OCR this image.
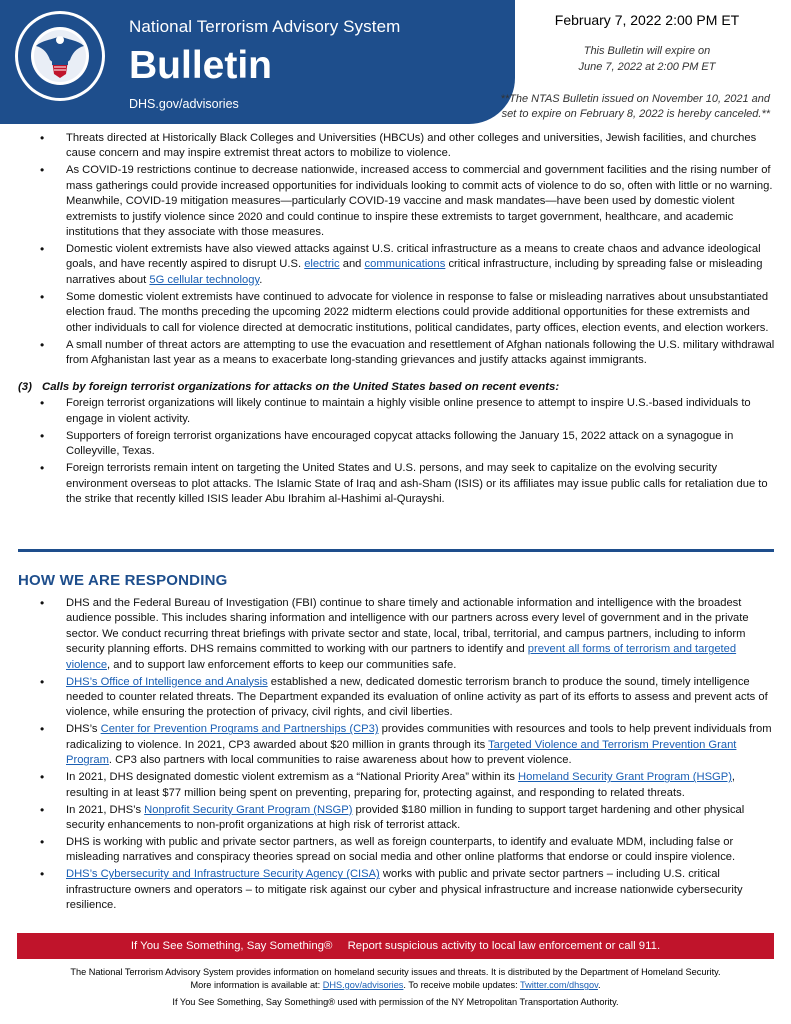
National Terrorism Advisory System
Bulletin
DHS.gov/advisories
February 7, 2022 2:00 PM ET
This Bulletin will expire on
June 7, 2022 at 2:00 PM ET
**The NTAS Bulletin issued on November 10, 2021 and
set to expire on February 8, 2022 is hereby canceled.**
• Threats directed at Historically Black Colleges and Universities (HBCUs) and other colleges and universities, Jewish facilities, and churches cause concern and may inspire extremist threat actors to mobilize to violence.
• As COVID-19 restrictions continue to decrease nationwide, increased access to commercial and government facilities and the rising number of mass gatherings could provide increased opportunities for individuals looking to commit acts of violence to do so, often with little or no warning. Meanwhile, COVID-19 mitigation measures—particularly COVID-19 vaccine and mask mandates—have been used by domestic violent extremists to justify violence since 2020 and could continue to inspire these extremists to target government, healthcare, and academic institutions that they associate with those measures.
• Domestic violent extremists have also viewed attacks against U.S. critical infrastructure as a means to create chaos and advance ideological goals, and have recently aspired to disrupt U.S. electric and communications critical infrastructure, including by spreading false or misleading narratives about 5G cellular technology.
• Some domestic violent extremists have continued to advocate for violence in response to false or misleading narratives about unsubstantiated election fraud. The months preceding the upcoming 2022 midterm elections could provide additional opportunities for these extremists and other individuals to call for violence directed at democratic institutions, political candidates, party offices, election events, and election workers.
• A small number of threat actors are attempting to use the evacuation and resettlement of Afghan nationals following the U.S. military withdrawal from Afghanistan last year as a means to exacerbate long-standing grievances and justify attacks against immigrants.
(3) Calls by foreign terrorist organizations for attacks on the United States based on recent events:
• Foreign terrorist organizations will likely continue to maintain a highly visible online presence to attempt to inspire U.S.-based individuals to engage in violent activity.
• Supporters of foreign terrorist organizations have encouraged copycat attacks following the January 15, 2022 attack on a synagogue in Colleyville, Texas.
• Foreign terrorists remain intent on targeting the United States and U.S. persons, and may seek to capitalize on the evolving security environment overseas to plot attacks. The Islamic State of Iraq and ash-Sham (ISIS) or its affiliates may issue public calls for retaliation due to the strike that recently killed ISIS leader Abu Ibrahim al-Hashimi al-Qurayshi.
HOW WE ARE RESPONDING
• DHS and the Federal Bureau of Investigation (FBI) continue to share timely and actionable information and intelligence with the broadest audience possible. This includes sharing information and intelligence with our partners across every level of government and in the private sector. We conduct recurring threat briefings with private sector and state, local, tribal, territorial, and campus partners, including to inform security planning efforts. DHS remains committed to working with our partners to identify and prevent all forms of terrorism and targeted violence, and to support law enforcement efforts to keep our communities safe.
• DHS’s Office of Intelligence and Analysis established a new, dedicated domestic terrorism branch to produce the sound, timely intelligence needed to counter related threats. The Department expanded its evaluation of online activity as part of its efforts to assess and prevent acts of violence, while ensuring the protection of privacy, civil rights, and civil liberties.
• DHS’s Center for Prevention Programs and Partnerships (CP3) provides communities with resources and tools to help prevent individuals from radicalizing to violence. In 2021, CP3 awarded about $20 million in grants through its Targeted Violence and Terrorism Prevention Grant Program. CP3 also partners with local communities to raise awareness about how to prevent violence.
• In 2021, DHS designated domestic violent extremism as a “National Priority Area” within its Homeland Security Grant Program (HSGP), resulting in at least $77 million being spent on preventing, preparing for, protecting against, and responding to related threats.
• In 2021, DHS’s Nonprofit Security Grant Program (NSGP) provided $180 million in funding to support target hardening and other physical security enhancements to non-profit organizations at high risk of terrorist attack.
• DHS is working with public and private sector partners, as well as foreign counterparts, to identify and evaluate MDM, including false or misleading narratives and conspiracy theories spread on social media and other online platforms that endorse or could inspire violence.
• DHS’s Cybersecurity and Infrastructure Security Agency (CISA) works with public and private sector partners – including U.S. critical infrastructure owners and operators – to mitigate risk against our cyber and physical infrastructure and increase nationwide cybersecurity resilience.
If You See Something, Say Something® Report suspicious activity to local law enforcement or call 911.
The National Terrorism Advisory System provides information on homeland security issues and threats. It is distributed by the Department of Homeland Security.
More information is available at: DHS.gov/advisories. To receive mobile updates: Twitter.com/dhsgov.
If You See Something, Say Something® used with permission of the NY Metropolitan Transportation Authority.
